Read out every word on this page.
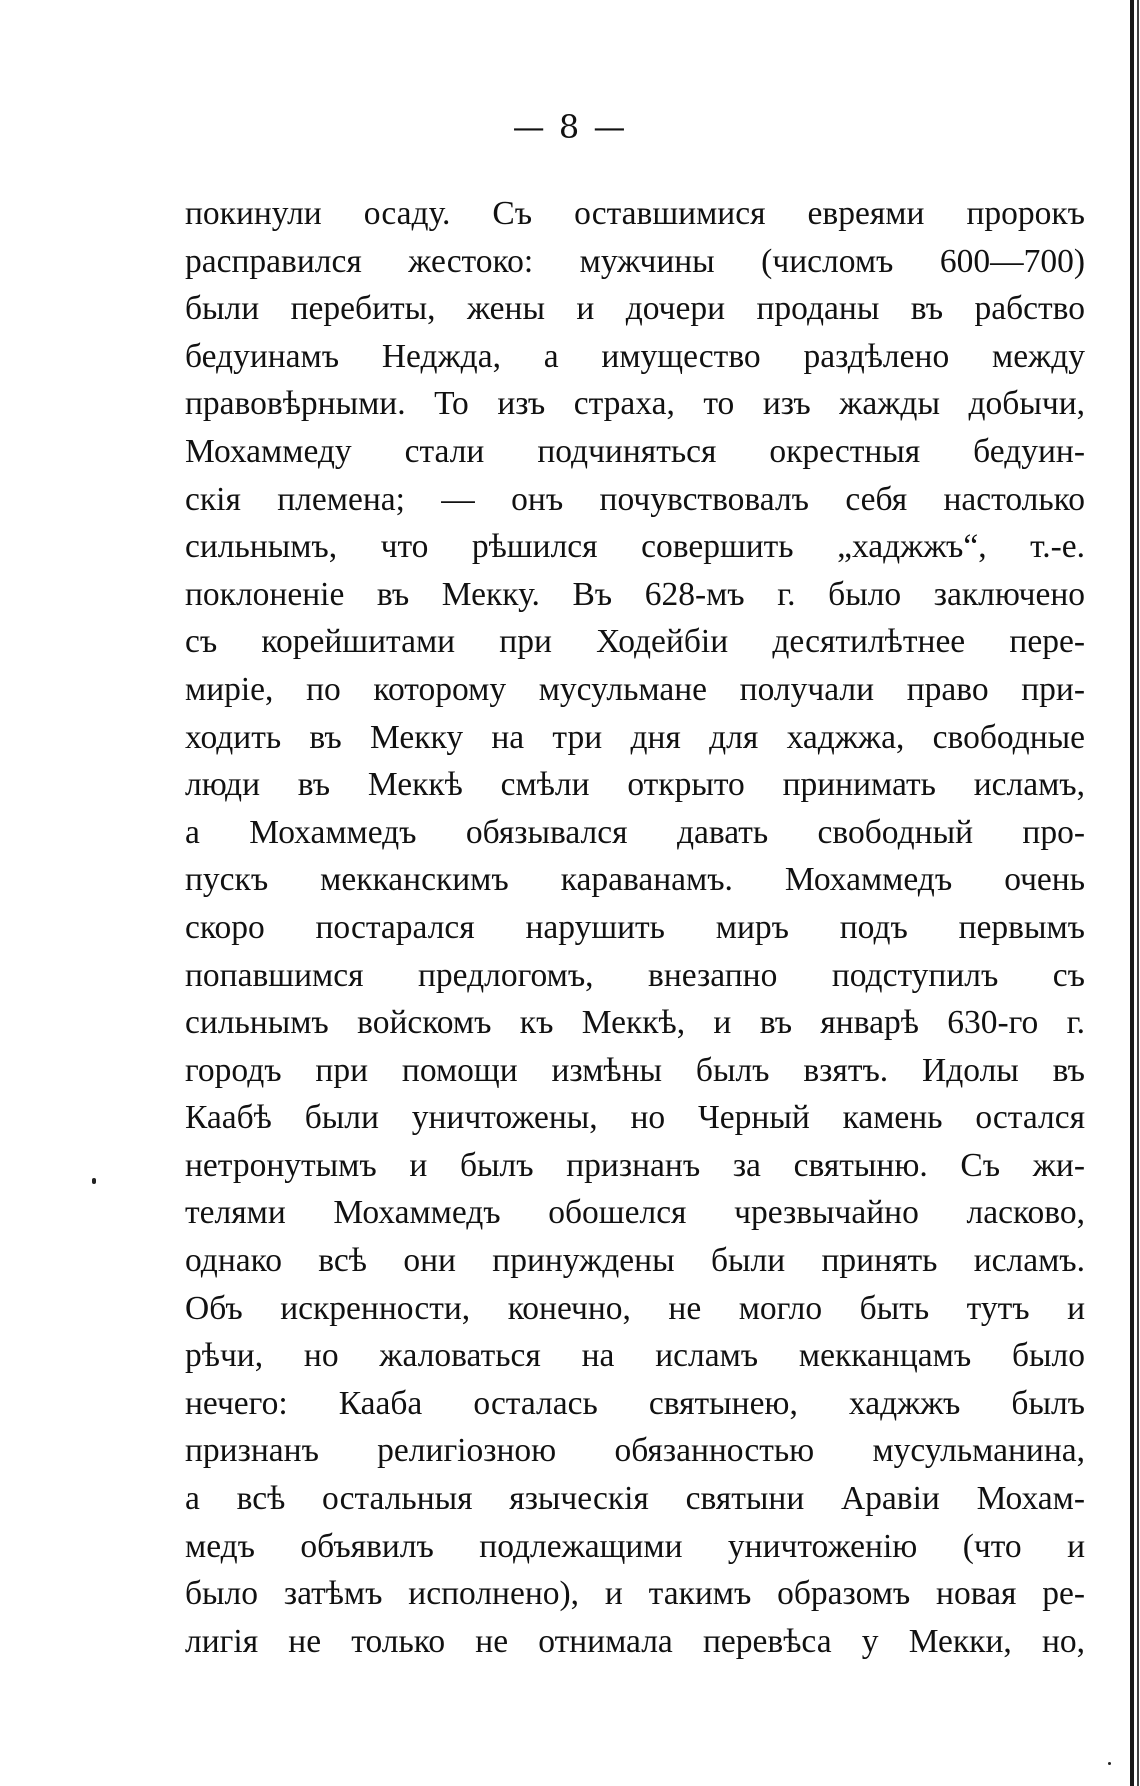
— 8 —
покинули осаду. Съ оставшимися евреями пророкъ
расправился жестоко: мужчины (числомъ 600—700)
были перебиты, жены и дочери проданы въ рабство
бедуинамъ Неджда, а имущество раздѣлено между
правовѣрными. То изъ страха, то изъ жажды добычи,
Мохаммеду стали подчиняться окрестныя бедуин-
скія племена; — онъ почувствовалъ себя настолько
сильнымъ, что рѣшился совершить „хаджжъ“, т.-е.
поклоненіе въ Мекку. Въ 628-мъ г. было заключено
съ корейшитами при Ходейбіи десятилѣтнее пере-
миріе, по которому мусульмане получали право при-
ходить въ Мекку на три дня для хаджжа, свободные
люди въ Меккѣ смѣли открыто принимать исламъ,
а Мохаммедъ обязывался давать свободный про-
пускъ мекканскимъ караванамъ. Мохаммедъ очень
скоро постарался нарушить миръ подъ первымъ
попавшимся предлогомъ, внезапно подступилъ съ
сильнымъ войскомъ къ Меккѣ, и въ январѣ 630-го г.
городъ при помощи измѣны былъ взятъ. Идолы въ
Каабѣ были уничтожены, но Черный камень остался
нетронутымъ и былъ признанъ за святыню. Съ жи-
телями Мохаммедъ обошелся чрезвычайно ласково,
однако всѣ они принуждены были принять исламъ.
Объ искренности, конечно, не могло быть тутъ и
рѣчи, но жаловаться на исламъ мекканцамъ было
нечего: Кааба осталась святынею, хаджжъ былъ
признанъ религіозною обязанностью мусульманина,
а всѣ остальныя языческія святыни Аравіи Мохам-
медъ объявилъ подлежащими уничтоженію (что и
было затѣмъ исполнено), и такимъ образомъ новая ре-
лигія не только не отнимала перевѣса у Мекки, но,
